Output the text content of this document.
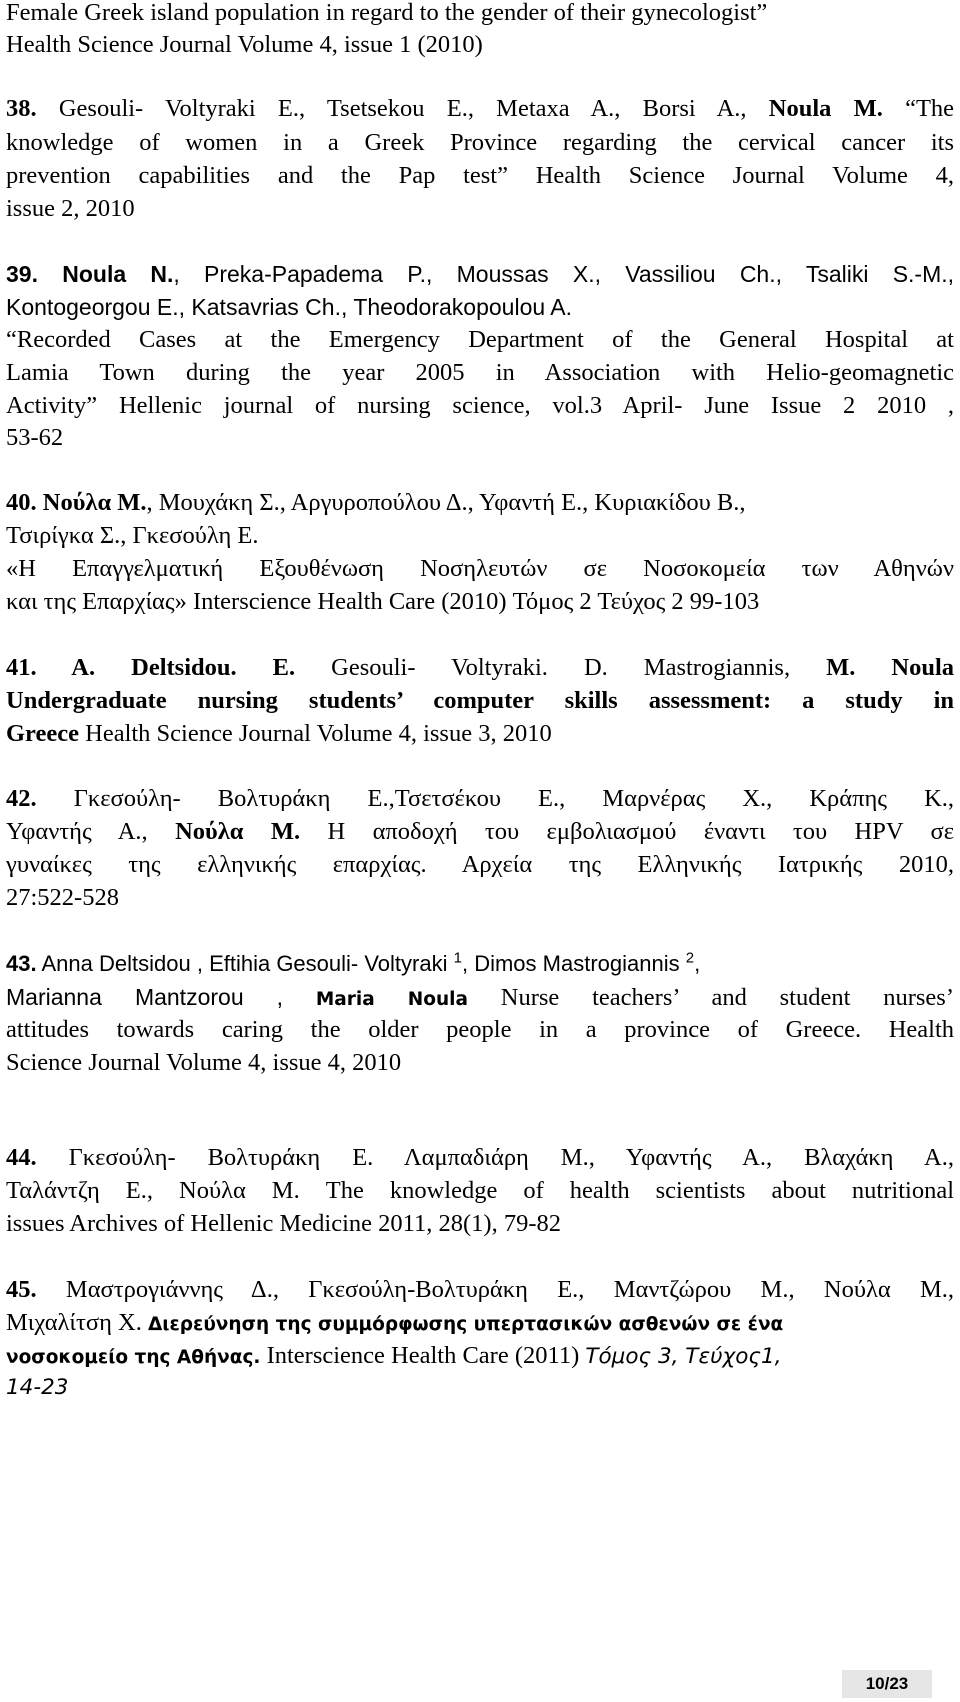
Female Greek island population in regard to the gender of their gynecologist”
Health Science Journal Volume 4, issue 1 (2010)
38. Gesouli- Voltyraki E., Tsetsekou E., Metaxa A., Borsi A., Noula M. “The
knowledge of women in a Greek Province regarding the cervical cancer its
prevention capabilities and the Pap test” Health Science Journal Volume 4,
issue 2, 2010
39. Noula N., Preka-Papadema P., Moussas X., Vassiliou Ch., Tsaliki S.-M.,
Kontogeorgou E., Katsavrias Ch., Theodorakopoulou A.
“Recorded Cases at the Emergency Department of the General Hospital at
Lamia Town during the year 2005 in Association with Helio-geomagnetic
Activity” Hellenic journal of nursing science, vol.3 April- June Issue 2 2010 ,
53-62
40. Νούλα Μ., Μουχάκη Σ., Αργυροπούλου Δ., Υφαντή Ε., Κυριακίδου Β.,
Τσιρίγκα Σ., Γκεσούλη Ε.
«Η Επαγγελματική Εξουθένωση Νοσηλευτών σε Νοσοκομεία των Αθηνών
και της Επαρχίας» Interscience Health Care (2010) Τόμος 2 Τεύχος 2 99-103
41. A. Deltsidou. E. Gesouli- Voltyraki. D. Mastrogiannis, M. Noula
Undergraduate nursing students’ computer skills assessment: a study in
Greece Health Science Journal Volume 4, issue 3, 2010
42. Γκεσούλη- Βολτυράκη Ε.,Τσετσέκου Ε., Μαρνέρας Χ., Κράπης Κ.,
Υφαντής Α., Νούλα Μ. Η αποδοχή του εμβολιασμού έναντι του HPV σε
γυναίκες της ελληνικής επαρχίας. Αρχεία της Ελληνικής Ιατρικής 2010,
27:522-528
43. Anna Deltsidou , Eftihia Gesouli- Voltyraki $^1$, Dimos Mastrogiannis $^2$,
Marianna Mantzorou , Maria Noula Nurse teachers’ and student nurses’
attitudes towards caring the older people in a province of Greece. Health
Science Journal Volume 4, issue 4, 2010
44. Γκεσούλη- Βολτυράκη Ε. Λαμπαδιάρη Μ., Υφαντής Α., Βλαχάκη Α.,
Ταλάντζη Ε., Νούλα Μ. The knowledge of health scientists about nutritional
issues Archives of Hellenic Medicine 2011, 28(1), 79-82
45. Μαστρογιάννης Δ., Γκεσούλη-Βολτυράκη Ε., Μαντζώρου Μ., Νούλα Μ.,
Μιχαλίτση Χ. Διερεύνηση της συμμόρφωσης υπερτασικών ασθενών σε ένα
νοσοκομείο της Αθήνας. Interscience Health Care (2011) Τόμος 3, Τεύχος1,
14-23
10/23
